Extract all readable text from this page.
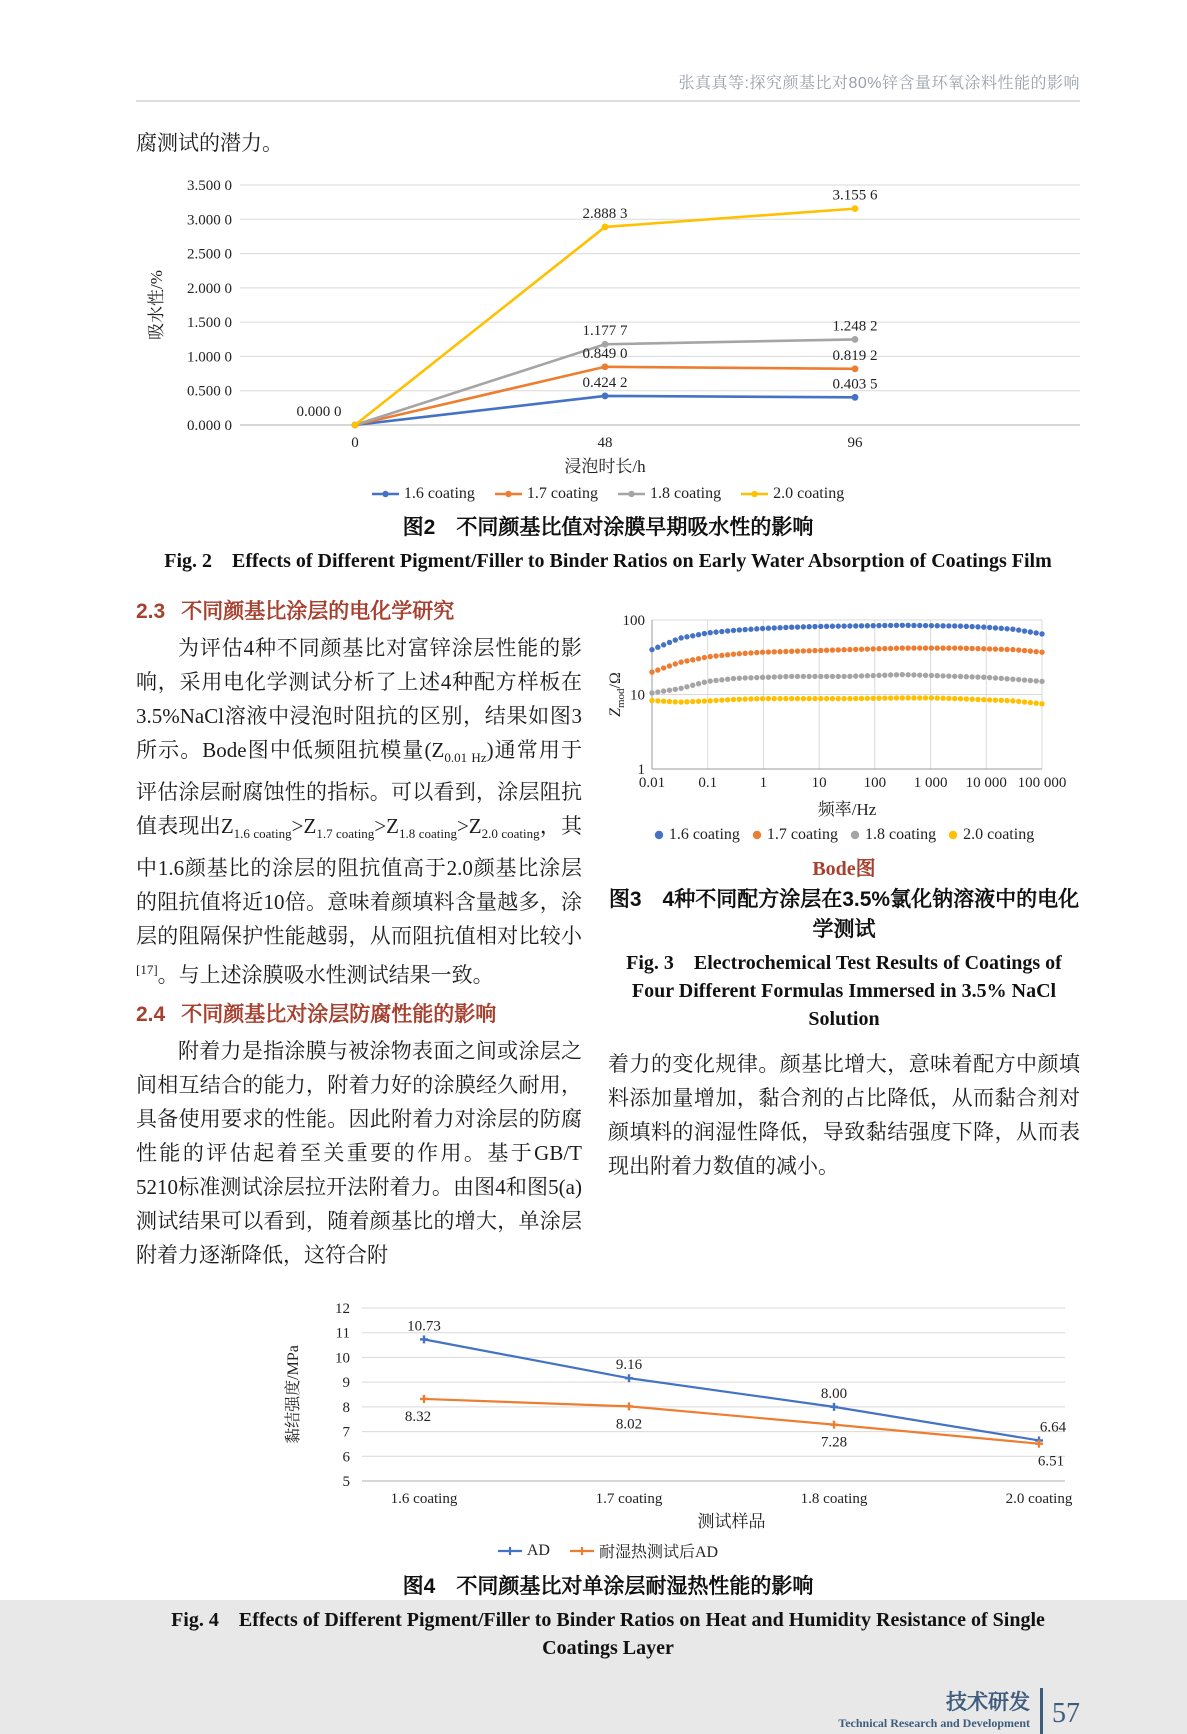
张真真等:探究颜基比对80%锌含量环氧涂料性能的影响

腐测试的潜力。

0.000 0
0.500 0
1.000 0
1.500 0
2.000 0
2.500 0
3.000 0
3.500 0
0	48	96
浸泡时长/h
吸水性/%
0.424 2	0.403 5
0.849 0	0.819 2
1.177 7	1.248 2
2.888 3
3.155 6
0.000 0
1.6 coating	1.7 coating	1.8 coating	2.0 coating
图2　不同颜基比值对涂膜早期吸水性的影响
Fig. 2　Effects of Different Pigment/Filler to Binder Ratios on Early Water Absorption of Coatings Film
2.3 不同颜基比涂层的电化学研究

为评估4种不同颜基比对富锌涂层性能的影响，采用电化学测试分析了上述4种配方样板在3.5%NaCl溶液中浸泡时阻抗的区别，结果如图3所示。Bode图中低频阻抗模量$(Z_{0.01 Hz})$通常用于评估涂层耐腐蚀性的指标。可以看到，涂层阻抗值表现出$Z_{1.6 coating}>Z_{1.7 coating}>Z_{1.8 coating}>Z_{2.0 coating}$，其中1.6颜基比的涂层的阻抗值高于2.0颜基比涂层的阻抗值将近10倍。意味着颜填料含量越多，涂层的阻隔保护性能越弱，从而阻抗值相对比较小[17]。与上述涂膜吸水性测试结果一致。

2.4 不同颜基比对涂层防腐性能的影响

附着力是指涂膜与被涂物表面之间或涂层之间相互结合的能力，附着力好的涂膜经久耐用，具备使用要求的性能。因此附着力对涂层的防腐性能的评估起着至关重要的作用。基于GB/T 5210标准测试涂层拉开法附着力。由图4和图5(a)测试结果可以看到，随着颜基比的增大，单涂层附着力逐渐降低，这符合附

1
10
100
0.01 0.1	1	10 100 1 000 10 000 100 000
$Z_{mod}/\Omega$
频率/Hz
1.6 coating 1.7 coating 1.8 coating 2.0 coating
Bode图
图3　4种不同配方涂层在3.5%氯化钠溶液中的电化学测试
Fig. 3　Electrochemical Test Results of Coatings of Four Different Formulas Immersed in 3.5% NaCl Solution

着力的变化规律。颜基比增大，意味着配方中颜填料添加量增加，黏合剂的占比降低，从而黏合剂对颜填料的润湿性降低，导致黏结强度下降，从而表现出附着力数值的减小。

5
6
7
8
9
10
11
12
1.6 coating	1.7 coating	1.8 coating	2.0 coating
测试样品
黏结强度/MPa
10.73
9.16
8.00
6.64
8.32	8.02
7.28
6.51
AD	耐湿热测试后AD
图4　不同颜基比对单涂层耐湿热性能的影响
Fig. 4　Effects of Different Pigment/Filler to Binder Ratios on Heat and Humidity Resistance of Single Coatings Layer
技术研发
Technical Research and Development 57
